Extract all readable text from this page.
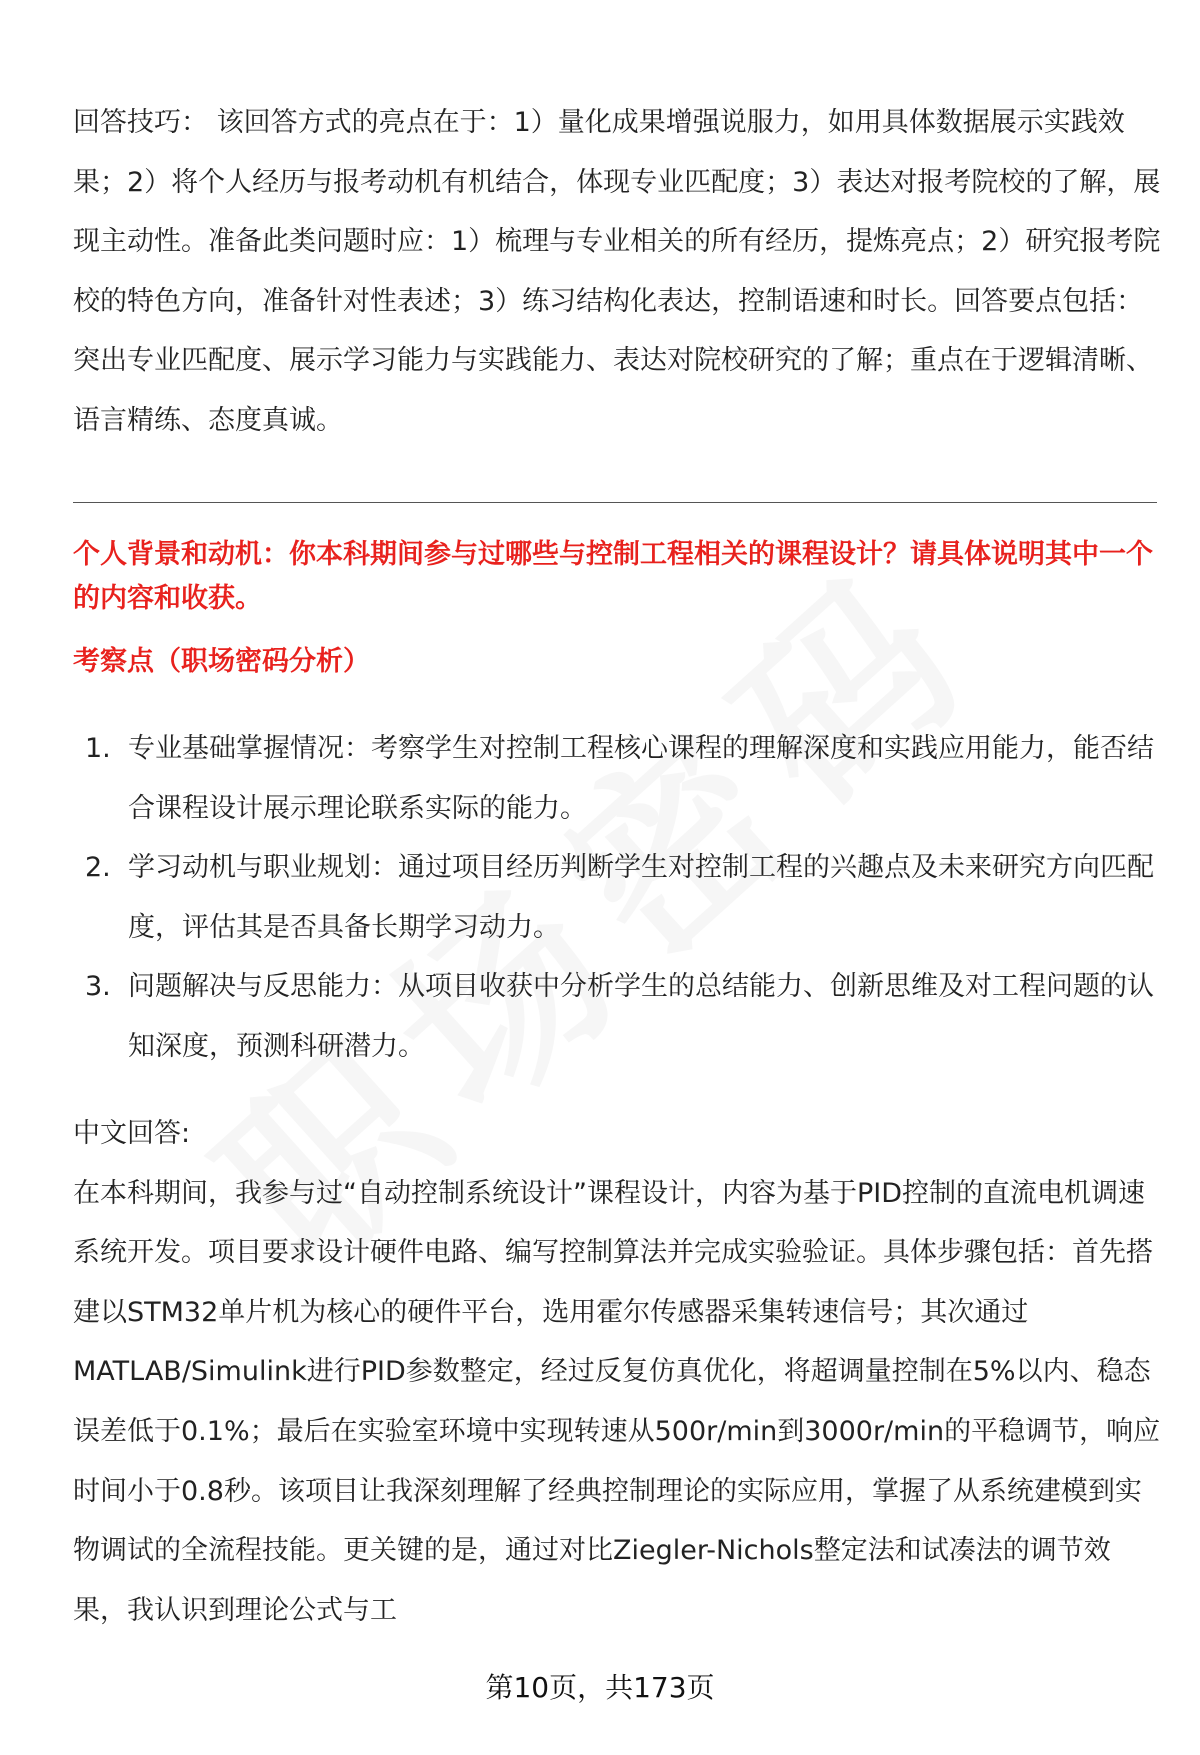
回答技巧： 该回答方式的亮点在于：1）量化成果增强说服力，如用具体数据展示实践效果；2）将个人经历与报考动机有机结合，体现专业匹配度；3）表达对报考院校的了解，展现主动性。准备此类问题时应：1）梳理与专业相关的所有经历，提炼亮点；2）研究报考院校的特色方向，准备针对性表述；3）练习结构化表达，控制语速和时长。回答要点包括：突出专业匹配度、展示学习能力与实践能力、表达对院校研究的了解；重点在于逻辑清晰、语言精练、态度真诚。

个人背景和动机：你本科期间参与过哪些与控制工程相关的课程设计？请具体说明其中一个的内容和收获。

考察点（职场密码分析）

1. 专业基础掌握情况：考察学生对控制工程核心课程的理解深度和实践应用能力，能否结合课程设计展示理论联系实际的能力。
2. 学习动机与职业规划：通过项目经历判断学生对控制工程的兴趣点及未来研究方向匹配度，评估其是否具备长期学习动力。
3. 问题解决与反思能力：从项目收获中分析学生的总结能力、创新思维及对工程问题的认知深度，预测科研潜力。

中文回答:

在本科期间，我参与过“自动控制系统设计”课程设计，内容为基于PID控制的直流电机调速系统开发。项目要求设计硬件电路、编写控制算法并完成实验验证。具体步骤包括：首先搭建以STM32单片机为核心的硬件平台，选用霍尔传感器采集转速信号；其次通过MATLAB/Simulink进行PID参数整定，经过反复仿真优化，将超调量控制在5%以内、稳态误差低于0.1%；最后在实验室环境中实现转速从500r/min到3000r/min的平稳调节，响应时间小于0.8秒。该项目让我深刻理解了经典控制理论的实际应用，掌握了从系统建模到实物调试的全流程技能。更关键的是，通过对比Ziegler-Nichols整定法和试凑法的调节效果，我认识到理论公式与工

第10页，共173页
